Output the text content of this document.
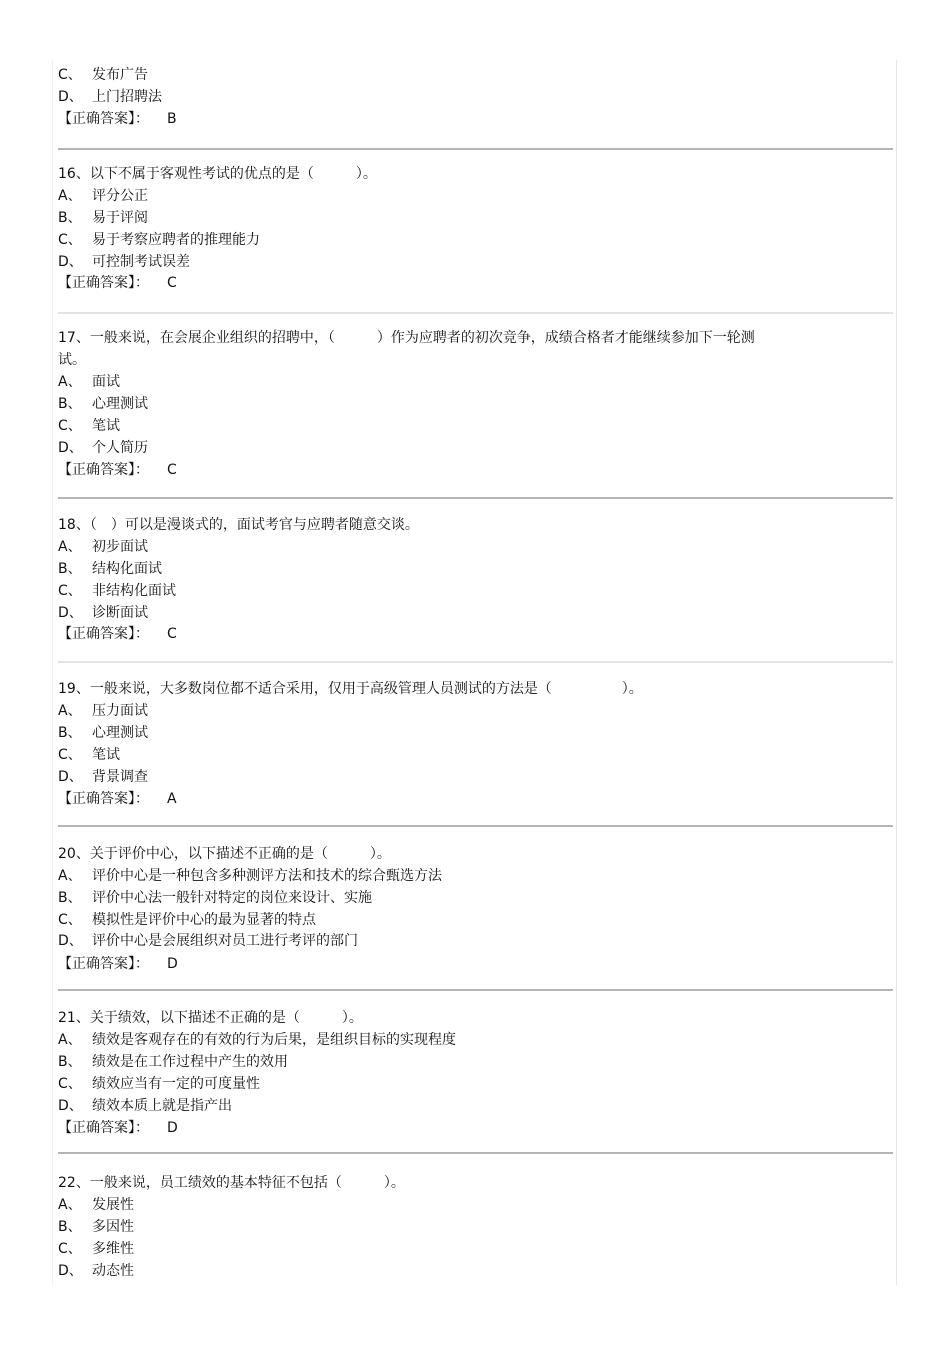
C、 发布广告
D、 上门招聘法
【正确答案】： B
16、以下不属于客观性考试的优点的是（　　　）。
A、 评分公正
B、 易于评阅
C、 易于考察应聘者的推理能力
D、 可控制考试误差
【正确答案】： C
17、一般来说，在会展企业组织的招聘中，（　　　）作为应聘者的初次竞争，成绩合格者才能继续参加下一轮测
试。
A、 面试
B、 心理测试
C、 笔试
D、 个人简历
【正确答案】： C
18、（　）可以是漫谈式的，面试考官与应聘者随意交谈。
A、 初步面试
B、 结构化面试
C、 非结构化面试
D、 诊断面试
【正确答案】： C
19、一般来说，大多数岗位都不适合采用，仅用于高级管理人员测试的方法是（　　　　　）。
A、 压力面试
B、 心理测试
C、 笔试
D、 背景调查
【正确答案】： A
20、关于评价中心，以下描述不正确的是（　　　）。
A、 评价中心是一种包含多种测评方法和技术的综合甄选方法
B、 评价中心法一般针对特定的岗位来设计、实施
C、 模拟性是评价中心的最为显著的特点
D、 评价中心是会展组织对员工进行考评的部门
【正确答案】： D
21、关于绩效，以下描述不正确的是（　　　）。
A、 绩效是客观存在的有效的行为后果，是组织目标的实现程度
B、 绩效是在工作过程中产生的效用
C、 绩效应当有一定的可度量性
D、 绩效本质上就是指产出
【正确答案】： D
22、一般来说，员工绩效的基本特征不包括（　　　）。
A、 发展性
B、 多因性
C、 多维性
D、 动态性
